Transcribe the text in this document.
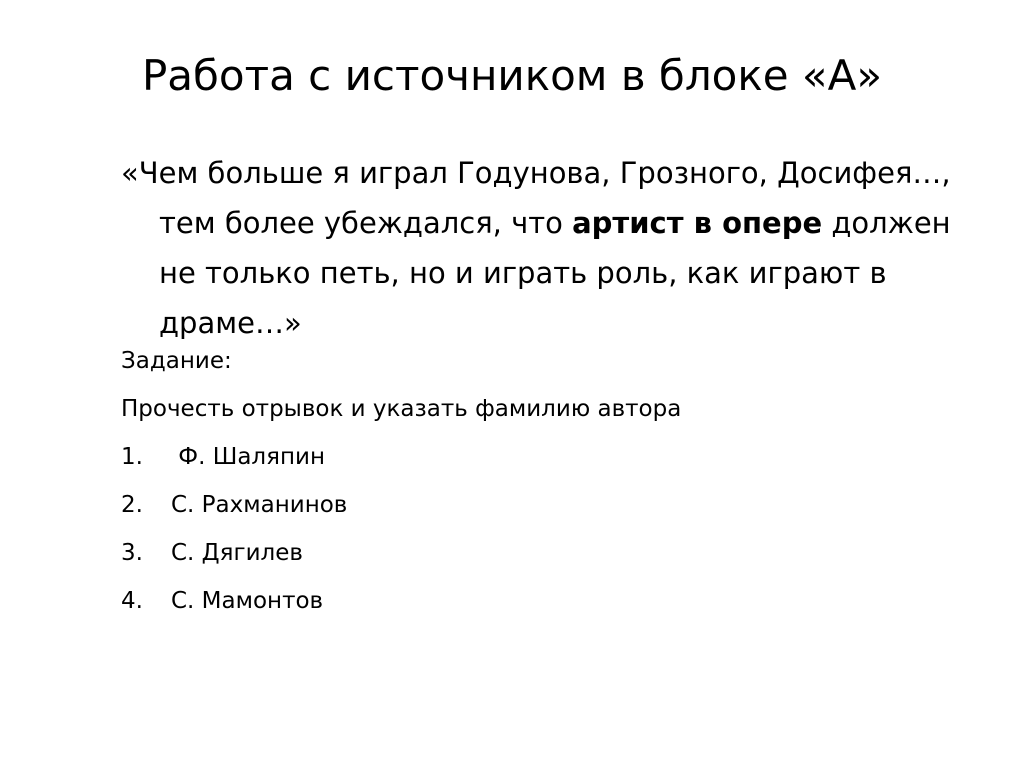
Работа с источником в блоке «А»

«Чем больше я играл Годунова, Грозного, Досифея…, тем более убеждался, что артист в опере должен не только петь, но и играть роль, как играют в драме…»

Задание:

Прочесть отрывок и указать фамилию автора

1.	Ф. Шаляпин
2.	С. Рахманинов
3.	С. Дягилев
4.	С. Мамонтов
